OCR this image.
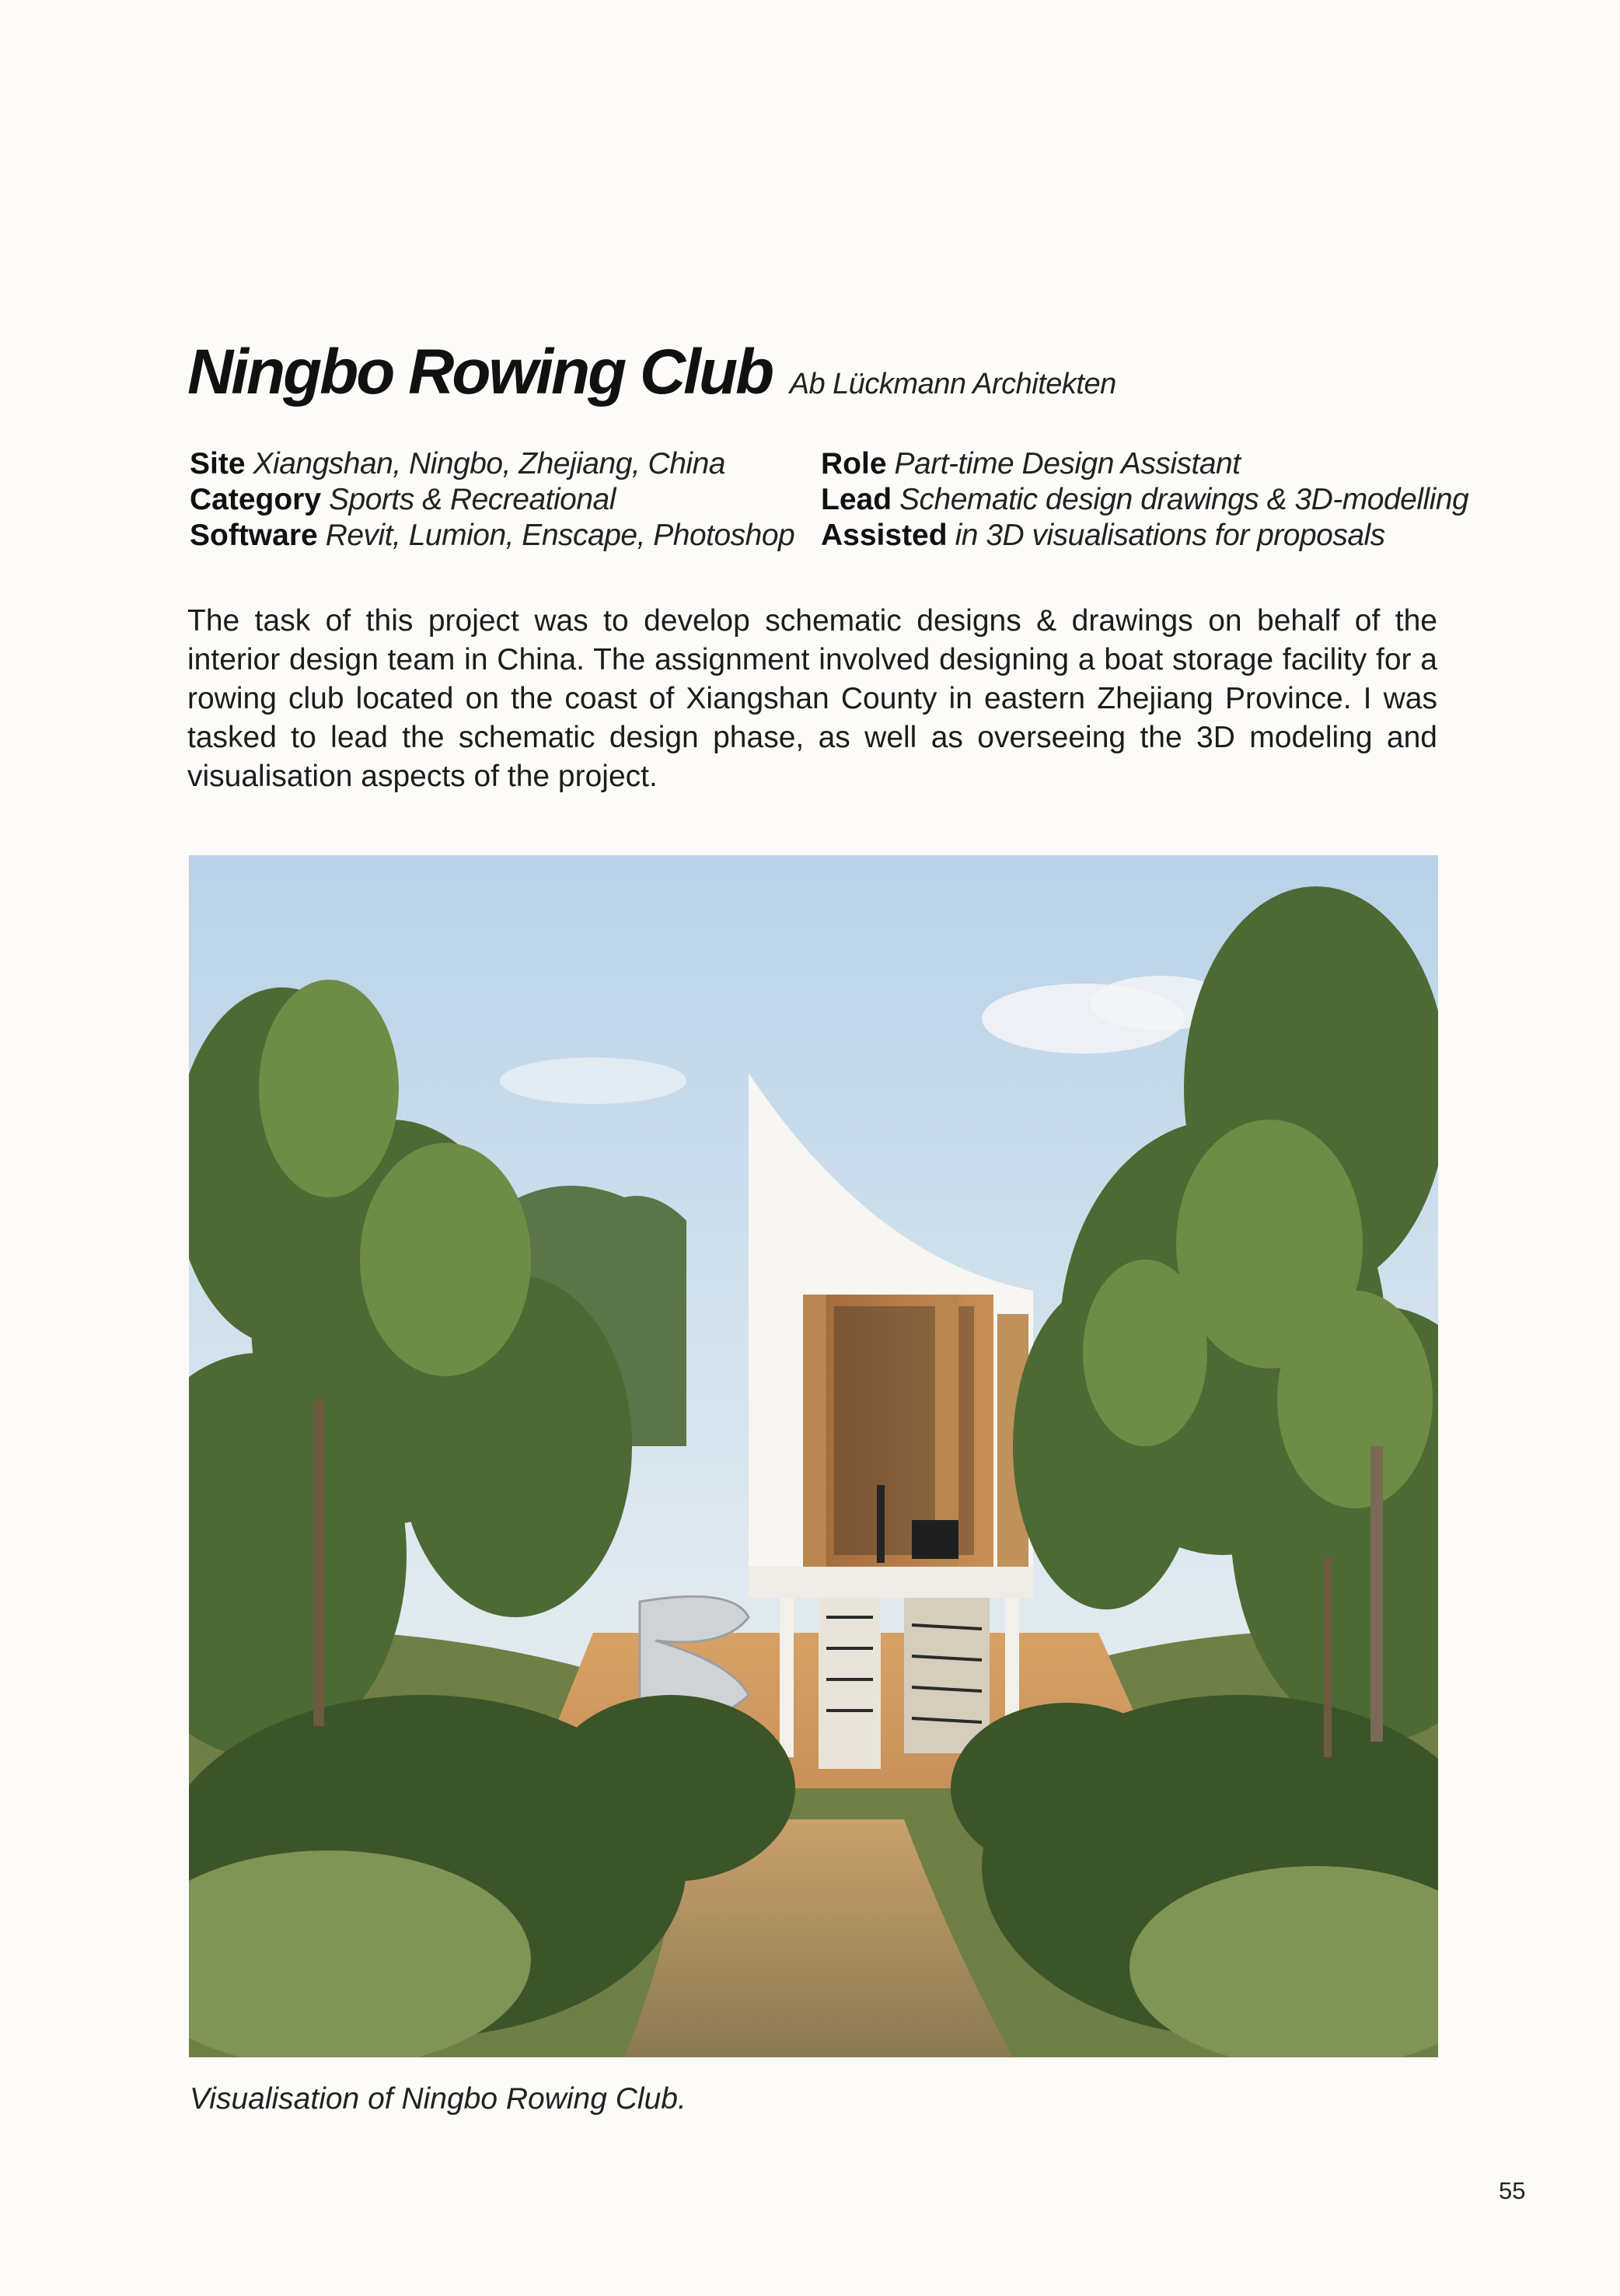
Ningbo Rowing Club Ab Lückmann Architekten
Site Xiangshan, Ningbo, Zhejiang, China
Category Sports & Recreational
Software Revit, Lumion, Enscape, Photoshop
Role Part-time Design Assistant
Lead Schematic design drawings & 3D-modelling
Assisted in 3D visualisations for proposals

The task of this project was to develop schematic designs & drawings on behalf of the interior design team in China. The assignment involved designing a boat storage facility for a rowing club located on the coast of Xiangshan County in eastern Zhejiang Province. I was tasked to lead the schematic design phase, as well as overseeing the 3D modeling and visualisation aspects of the project.

Visualisation of Ningbo Rowing Club.
55
